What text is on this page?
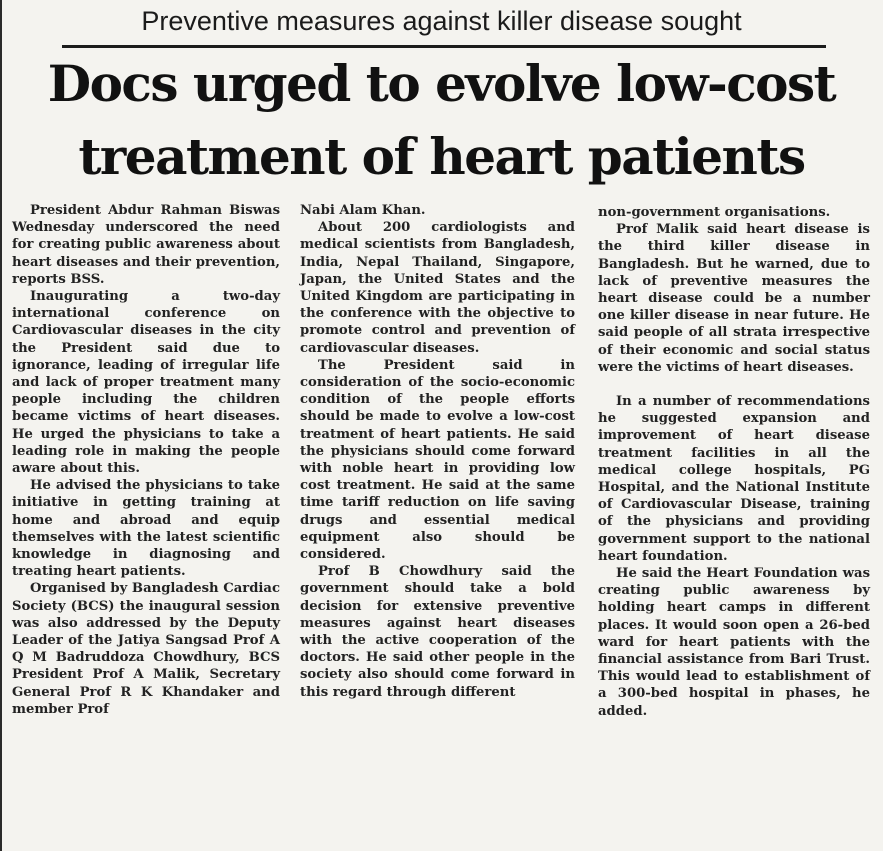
Preventive measures against killer disease sought
Docs urged to evolve low-cost
treatment of heart patients

President Abdur Rahman Biswas Wednesday underscored the need for creating public awareness about heart diseases and their prevention, reports BSS.

Inaugurating a two-day international conference on Cardiovascular diseases in the city the President said due to ignorance, leading of irregular life and lack of proper treatment many people including the children became victims of heart diseases. He urged the physicians to take a leading role in making the people aware about this.

He advised the physicians to take initiative in getting training at home and abroad and equip themselves with the latest scientific knowledge in diagnosing and treating heart patients.

Organised by Bangladesh Cardiac Society (BCS) the inaugural session was also addressed by the Deputy Leader of the Jatiya Sangsad Prof A Q M Badruddoza Chowdhury, BCS President Prof A Malik, Secretary General Prof R K Khandaker and member Prof

Nabi Alam Khan.

About 200 cardiologists and medical scientists from Bangladesh, India, Nepal Thailand, Singapore, Japan, the United States and the United Kingdom are participating in the conference with the objective to promote control and prevention of cardiovascular diseases.

The President said in consideration of the socio-economic condition of the people efforts should be made to evolve a low-cost treatment of heart patients. He said the physicians should come forward with noble heart in providing low cost treatment. He said at the same time tariff reduction on life saving drugs and essential medical equipment also should be considered.

Prof B Chowdhury said the government should take a bold decision for extensive preventive measures against heart diseases with the active cooperation of the doctors. He said other people in the society also should come forward in this regard through different

non-government organisations.

Prof Malik said heart disease is the third killer disease in Bangladesh. But he warned, due to lack of preventive measures the heart disease could be a number one killer disease in near future. He said people of all strata irrespective of their economic and social status were the victims of heart diseases.

In a number of recommendations he suggested expansion and improvement of heart disease treatment facilities in all the medical college hospitals, PG Hospital, and the National Institute of Cardiovascular Disease, training of the physicians and providing government support to the national heart foundation.

He said the Heart Foundation was creating public awareness by holding heart camps in different places. It would soon open a 26-bed ward for heart patients with the financial assistance from Bari Trust. This would lead to establishment of a 300-bed hospital in phases, he added.
